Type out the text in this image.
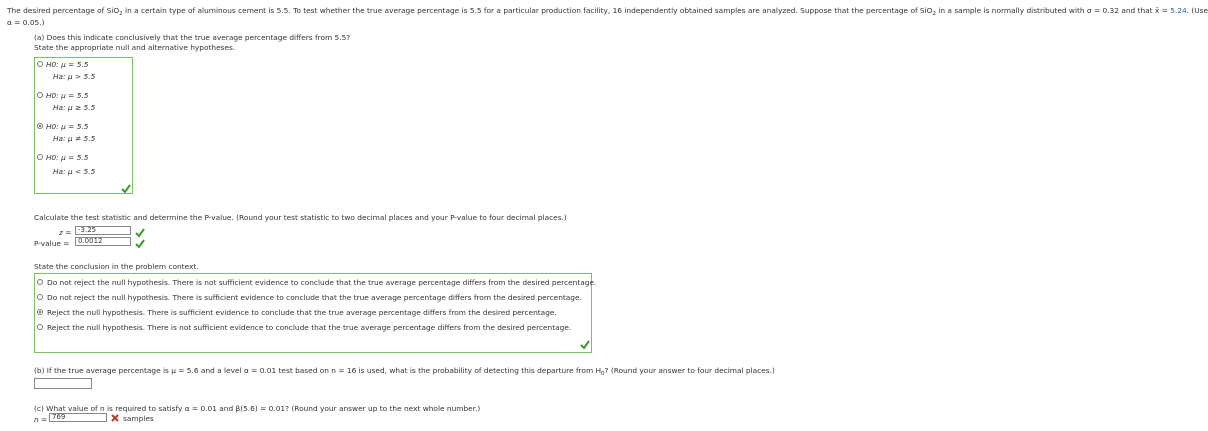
The desired percentage of SiO$_2$ in a certain type of aluminous cement is 5.5. To test whether the true average percentage is 5.5 for a particular production facility, 16 independently obtained samples are analyzed. Suppose that the percentage of SiO$_2$ in a sample is normally distributed with σ = 0.32 and that x̄ = 5.24. (Use
α = 0.05.)
(a) Does this indicate conclusively that the true average percentage differs from 5.5?
State the appropriate null and alternative hypotheses.
H0: μ = 5.5
Ha: μ > 5.5
H0: μ = 5.5
Ha: μ ≥ 5.5
H0: μ = 5.5
Ha: μ ≠ 5.5
H0: μ = 5.5
Ha: μ < 5.5
Calculate the test statistic and determine the P-value. (Round your test statistic to two decimal places and your P-value to four decimal places.)
z = -3.25
P-value =	0.0012
State the conclusion in the problem context.
Do not reject the null hypothesis. There is not sufficient evidence to conclude that the true average percentage differs from the desired percentage.
Do not reject the null hypothesis. There is sufficient evidence to conclude that the true average percentage differs from the desired percentage.
Reject the null hypothesis. There is sufficient evidence to conclude that the true average percentage differs from the desired percentage.
Reject the null hypothesis. There is not sufficient evidence to conclude that the true average percentage differs from the desired percentage.
(b) If the true average percentage is μ = 5.6 and a level α = 0.01 test based on n = 16 is used, what is the probability of detecting this departure from $H_0$? (Round your answer to four decimal places.)
(c) What value of n is required to satisfy α = 0.01 and β(5.6) = 0.01? (Round your answer up to the next whole number.)
n = 769	samples
